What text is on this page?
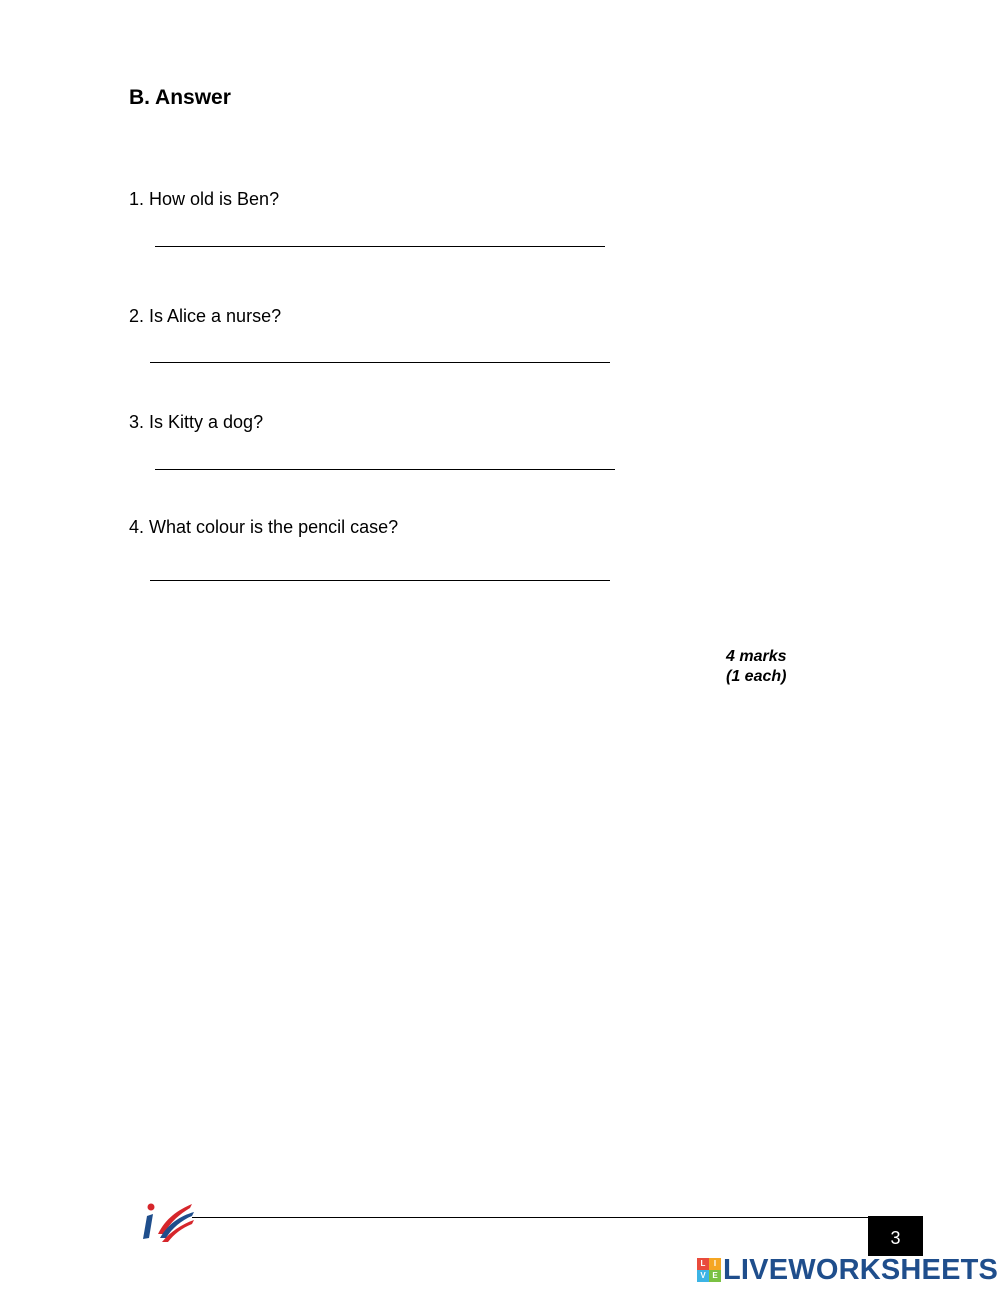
B. Answer
1. How old is Ben?
2. Is Alice a nurse?
3. Is Kitty a dog?
4. What colour is the pencil case?
4 marks
(1 each)
3
L	I
V E LIVEWORKSHEETS
